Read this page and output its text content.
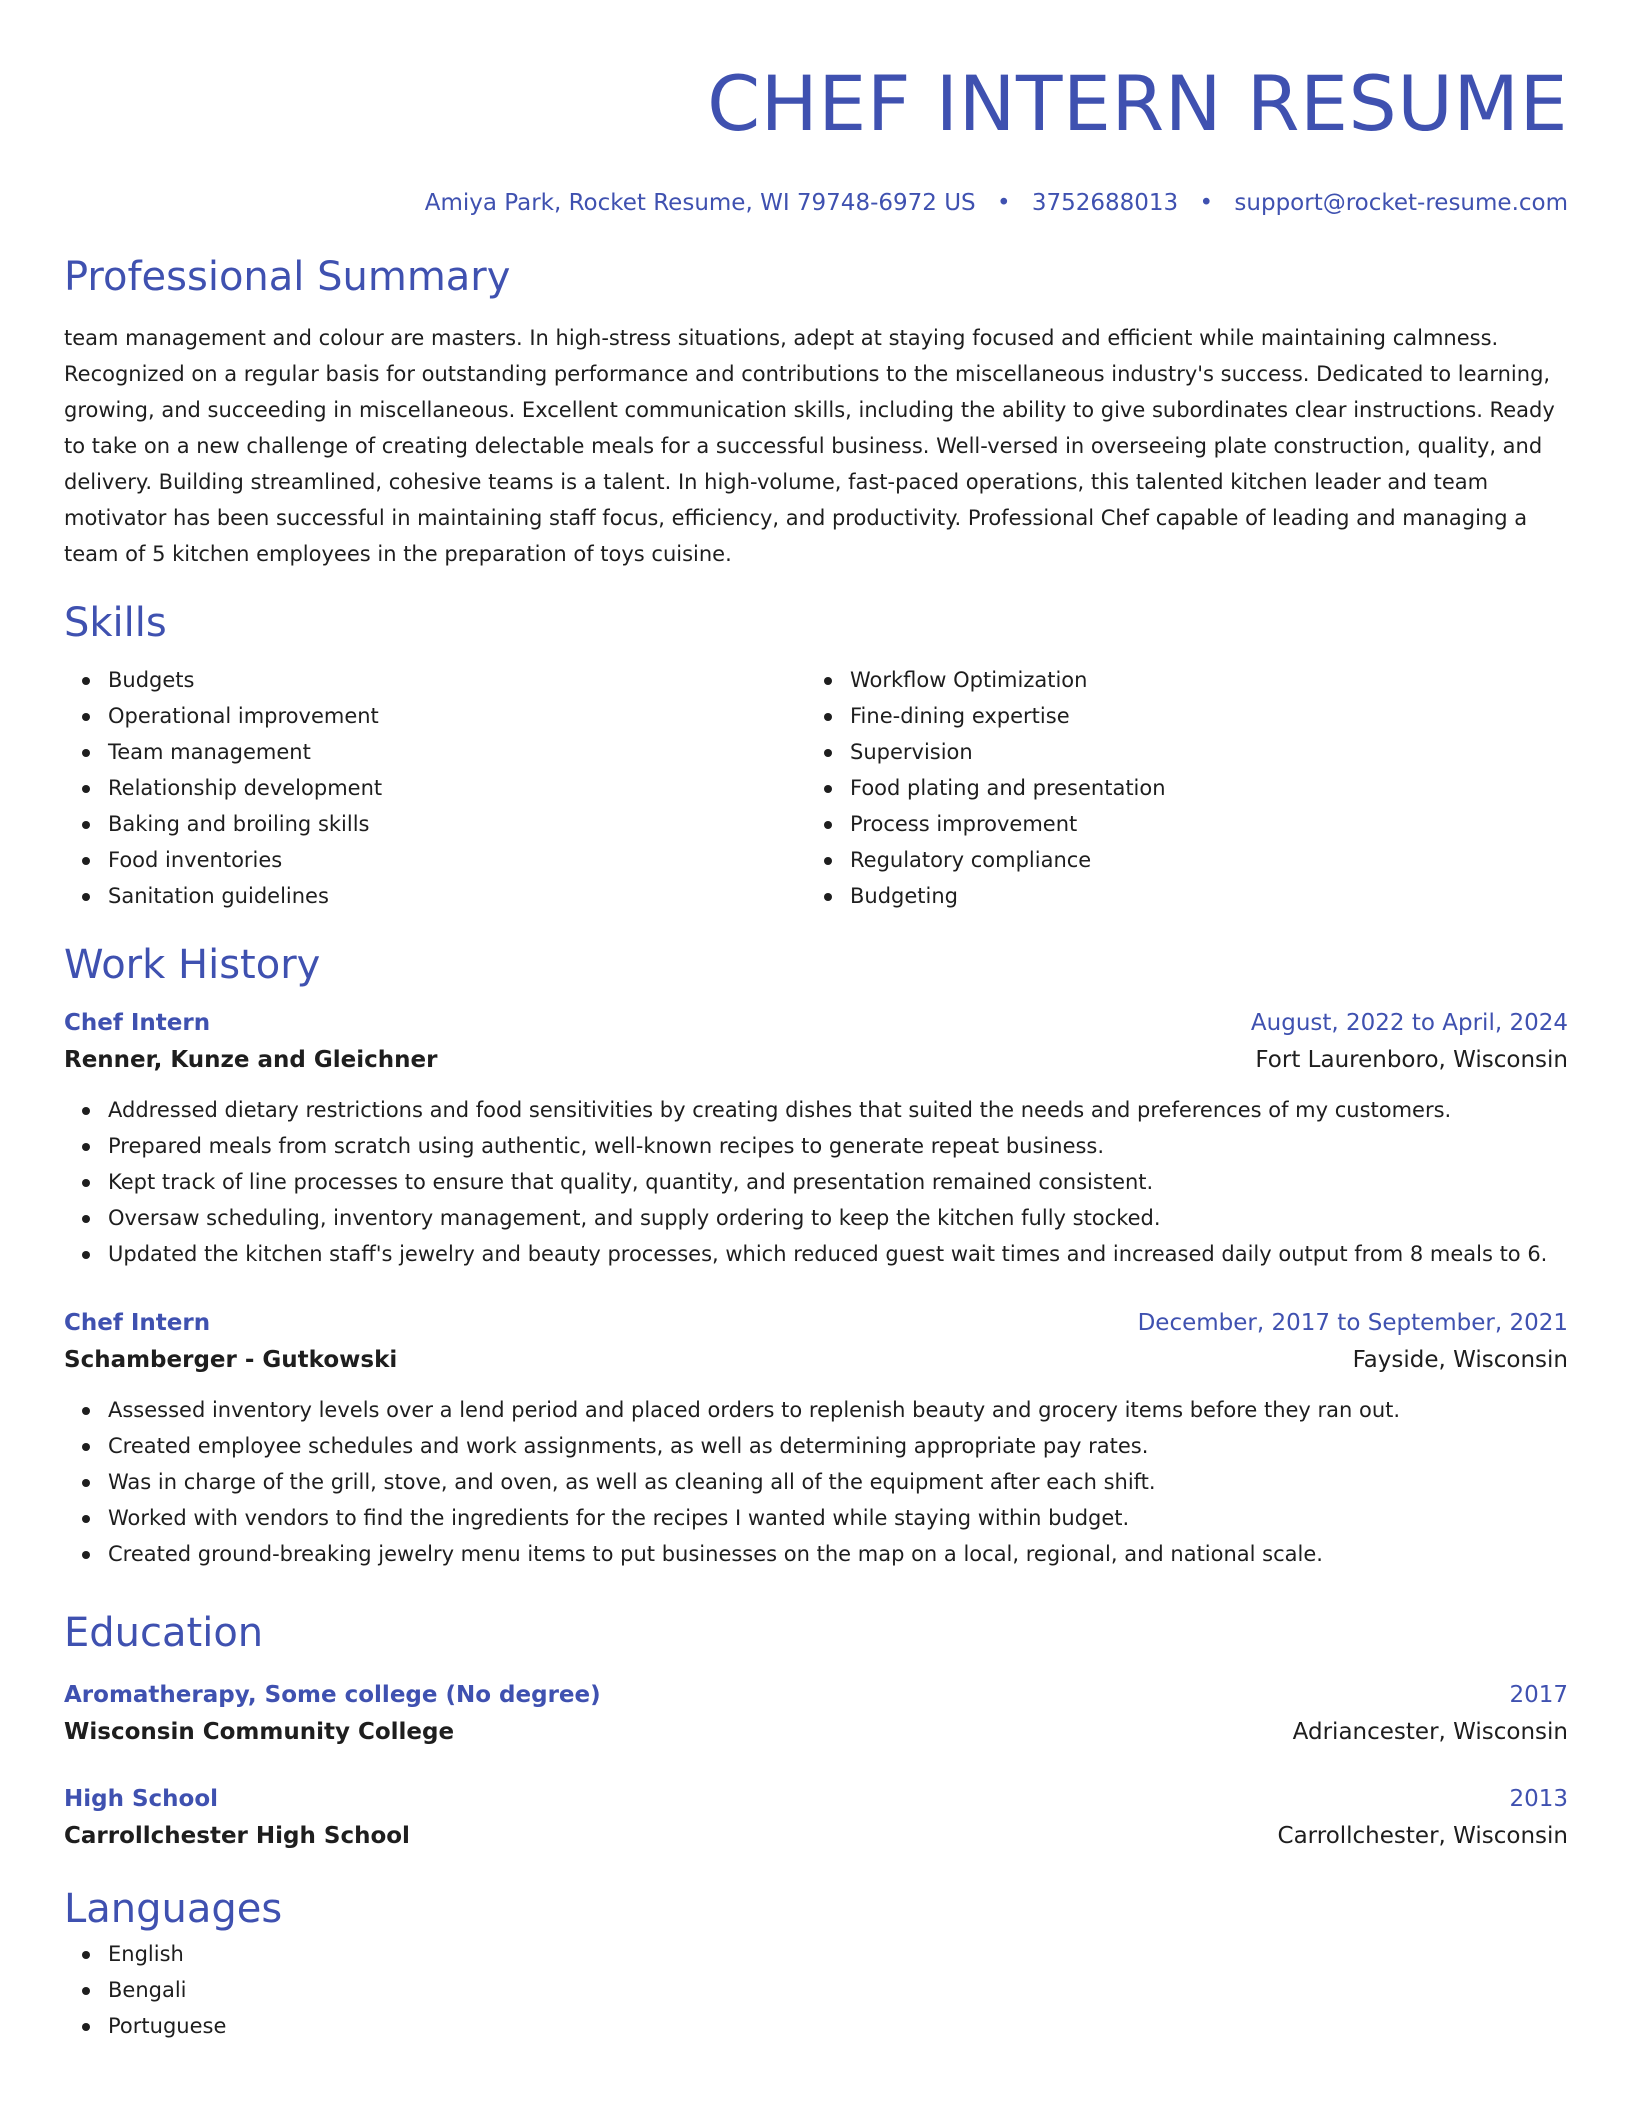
CHEF INTERN RESUME
Amiya Park, Rocket Resume, WI 79748-6972 US • 3752688013 • support@rocket-resume.com
Professional Summary

team management and colour are masters. In high-stress situations, adept at staying focused and efficient while maintaining calmness. Recognized on a regular basis for outstanding performance and contributions to the miscellaneous industry's success. Dedicated to learning, growing, and succeeding in miscellaneous. Excellent communication skills, including the ability to give subordinates clear instructions. Ready to take on a new challenge of creating delectable meals for a successful business. Well-versed in overseeing plate construction, quality, and delivery. Building streamlined, cohesive teams is a talent. In high-volume, fast-paced operations, this talented kitchen leader and team motivator has been successful in maintaining staff focus, efficiency, and productivity. Professional Chef capable of leading and managing a team of 5 kitchen employees in the preparation of toys cuisine.

Skills
Budgets
Operational improvement
Team management
Relationship development
Baking and broiling skills
Food inventories
Sanitation guidelines
Workflow Optimization
Fine-dining expertise
Supervision
Food plating and presentation
Process improvement
Regulatory compliance
Budgeting
Work History
Chef Intern	August, 2022 to April, 2024
Renner, Kunze and Gleichner	Fort Laurenboro, Wisconsin
Addressed dietary restrictions and food sensitivities by creating dishes that suited the needs and preferences of my customers.
Prepared meals from scratch using authentic, well-known recipes to generate repeat business.
Kept track of line processes to ensure that quality, quantity, and presentation remained consistent.
Oversaw scheduling, inventory management, and supply ordering to keep the kitchen fully stocked.
Updated the kitchen staff's jewelry and beauty processes, which reduced guest wait times and increased daily output from 8 meals to 6.
Chef Intern	December, 2017 to September, 2021
Schamberger - Gutkowski	Fayside, Wisconsin
Assessed inventory levels over a lend period and placed orders to replenish beauty and grocery items before they ran out.
Created employee schedules and work assignments, as well as determining appropriate pay rates.
Was in charge of the grill, stove, and oven, as well as cleaning all of the equipment after each shift.
Worked with vendors to find the ingredients for the recipes I wanted while staying within budget.
Created ground-breaking jewelry menu items to put businesses on the map on a local, regional, and national scale.
Education
Aromatherapy, Some college (No degree)	2017
Wisconsin Community College	Adriancester, Wisconsin
High School	2013
Carrollchester High School	Carrollchester, Wisconsin
Languages
English
Bengali
Portuguese
